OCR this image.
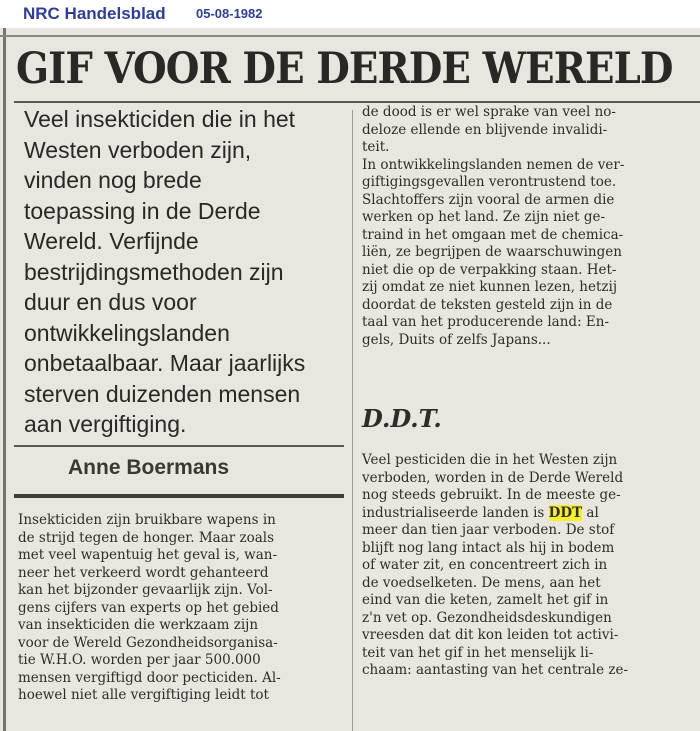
NRC Handelsblad 05-08-1982
GIF VOOR DE DERDE WERELD
Veel insekticiden die in het
Westen verboden zijn,
vinden nog brede
toepassing in de Derde
Wereld. Verfijnde
bestrijdingsmethoden zijn
duur en dus voor
ontwikkelingslanden
onbetaalbaar. Maar jaarlijks
sterven duizenden mensen
aan vergiftiging.
Anne Boermans
Insekticiden zijn bruikbare wapens in
de strijd tegen de honger. Maar zoals
met veel wapentuig het geval is, wan-
neer het verkeerd wordt gehanteerd
kan het bijzonder gevaarlijk zijn. Vol-
gens cijfers van experts op het gebied
van insekticiden die werkzaam zijn
voor de Wereld Gezondheidsorganisa-
tie W.H.O. worden per jaar 500.000
mensen vergiftigd door pecticiden. Al-
hoewel niet alle vergiftiging leidt tot
de dood is er wel sprake van veel no-
deloze ellende en blijvende invalidi-
teit.
In ontwikkelingslanden nemen de ver-
giftigingsgevallen verontrustend toe.
Slachtoffers zijn vooral de armen die
werken op het land. Ze zijn niet ge-
traind in het omgaan met de chemica-
liën, ze begrijpen de waarschuwingen
niet die op de verpakking staan. Het-
zij omdat ze niet kunnen lezen, hetzij
doordat de teksten gesteld zijn in de
taal van het producerende land: En-
gels, Duits of zelfs Japans...
D.D.T.
Veel pesticiden die in het Westen zijn
verboden, worden in de Derde Wereld
nog steeds gebruikt. In de meeste ge-
industrialiseerde landen is DDT al
meer dan tien jaar verboden. De stof
blijft nog lang intact als hij in bodem
of water zit, en concentreert zich in
de voedselketen. De mens, aan het
eind van die keten, zamelt het gif in
z'n vet op. Gezondheidsdeskundigen
vreesden dat dit kon leiden tot activi-
teit van het gif in het menselijk li-
chaam: aantasting van het centrale ze-
